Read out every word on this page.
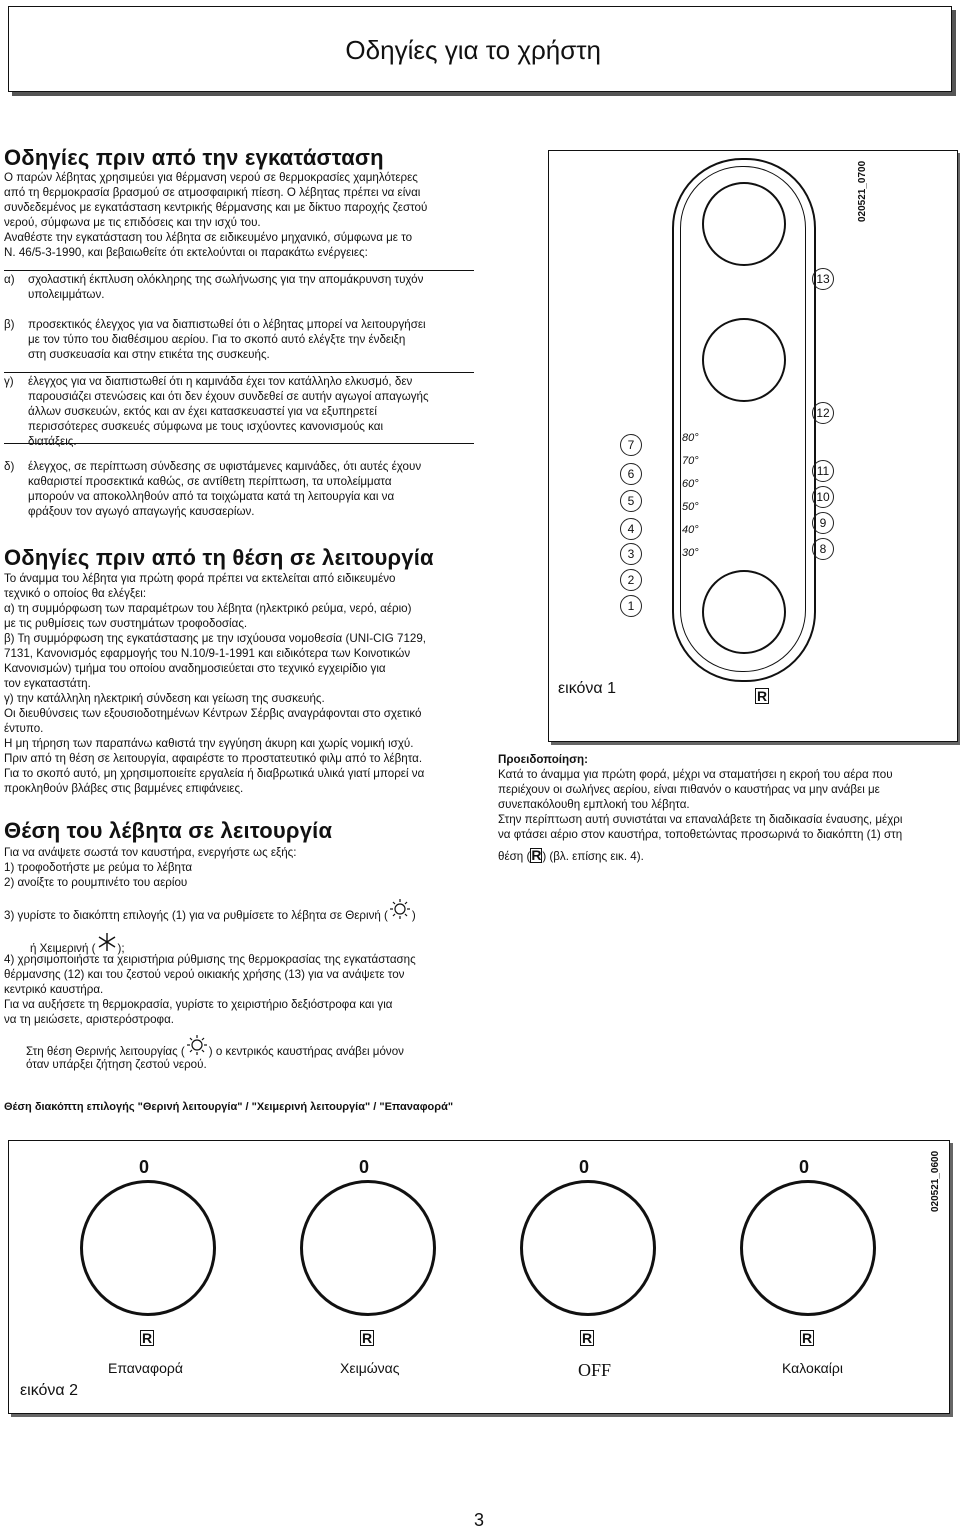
Οδηγίες για το χρήστη
Οδηγίες πριν από την εγκατάσταση
Ο παρών λέβητας χρησιμεύει για θέρμανση νερού σε θερμοκρασίες χαμηλότερες
από τη θερμοκρασία βρασμού σε ατμοσφαιρική πίεση. Ο λέβητας πρέπει να είναι
συνδεδεμένος με εγκατάσταση κεντρικής θέρμανσης και με δίκτυο παροχής ζεστού
νερού, σύμφωνα με τις επιδόσεις και την ισχύ του.
Αναθέστε την εγκατάσταση του λέβητα σε ειδικευμένο μηχανικό, σύμφωνα με το
Ν. 46/5-3-1990, και βεβαιωθείτε ότι εκτελούνται οι παρακάτω ενέργειες:
α)	σχολαστική έκπλυση ολόκληρης της σωλήνωσης για την απομάκρυνση τυχόν
υπολειμμάτων.
β)	προσεκτικός έλεγχος για να διαπιστωθεί ότι ο λέβητας μπορεί να λειτουργήσει
με τον τύπο του διαθέσιμου αερίου. Για το σκοπό αυτό ελέγξτε την ένδειξη
στη συσκευασία και στην ετικέτα της συσκευής.
γ)	έλεγχος για να διαπιστωθεί ότι η καμινάδα έχει τον κατάλληλο ελκυσμό, δεν
παρουσιάζει στενώσεις και ότι δεν έχουν συνδεθεί σε αυτήν αγωγοί απαγωγής
άλλων συσκευών, εκτός και αν έχει κατασκευαστεί για να εξυπηρετεί
περισσότερες συσκευές σύμφωνα με τους ισχύοντες κανονισμούς και
διατάξεις.
δ)	έλεγχος, σε περίπτωση σύνδεσης σε υφιστάμενες καμινάδες, ότι αυτές έχουν
καθαριστεί προσεκτικά καθώς, σε αντίθετη περίπτωση, τα υπολείμματα
μπορούν να αποκολληθούν από τα τοιχώματα κατά τη λειτουργία και να
φράξουν τον αγωγό απαγωγής καυσαερίων.
Οδηγίες πριν από τη θέση σε λειτουργία
Το άναμμα του λέβητα για πρώτη φορά πρέπει να εκτελείται από ειδικευμένο
τεχνικό ο οποίος θα ελέγξει:
α) τη συμμόρφωση των παραμέτρων του λέβητα (ηλεκτρικό ρεύμα, νερό, αέριο)
με τις ρυθμίσεις των συστημάτων τροφοδοσίας.
β) Τη συμμόρφωση της εγκατάστασης με την ισχύουσα νομοθεσία (UNI-CIG 7129,
7131, Κανονισμός εφαρμογής του N.10/9-1-1991 και ειδικότερα των Κοινοτικών
Κανονισμών) τμήμα του οποίου αναδημοσιεύεται στο τεχνικό εγχειρίδιο για
τον εγκαταστάτη.
γ) την κατάλληλη ηλεκτρική σύνδεση και γείωση της συσκευής.
Οι διευθύνσεις των εξουσιοδοτημένων Κέντρων Σέρβις αναγράφονται στο σχετικό
έντυπο.
Η μη τήρηση των παραπάνω καθιστά την εγγύηση άκυρη και χωρίς νομική ισχύ.
Πριν από τη θέση σε λειτουργία, αφαιρέστε το προστατευτικό φιλμ από το λέβητα.
Για το σκοπό αυτό, μη χρησιμοποιείτε εργαλεία ή διαβρωτικά υλικά γιατί μπορεί να
προκληθούν βλάβες στις βαμμένες επιφάνειες.
Θέση του λέβητα σε λειτουργία
Για να ανάψετε σωστά τον καυστήρα, ενεργήστε ως εξής:
1) τροφοδοτήστε με ρεύμα το λέβητα
2) ανοίξτε το ρουμπινέτο του αερίου
3) γυρίστε το διακόπτη επιλογής (1) για να ρυθμίσετε το λέβητα σε Θερινή ( )
ή Χειμερινή ( );
4) χρησιμοποιήστε τα χειριστήρια ρύθμισης της θερμοκρασίας της εγκατάστασης
θέρμανσης (12) και του ζεστού νερού οικιακής χρήσης (13) για να ανάψετε τον
κεντρικό καυστήρα.
Για να αυξήσετε τη θερμοκρασία, γυρίστε το χειριστήριο δεξιόστροφα και για
να τη μειώσετε, αριστερόστροφα.
Στη θέση Θερινής λειτουργίας ( ) ο κεντρικός καυστήρας ανάβει μόνον
όταν υπάρξει ζήτηση ζεστού νερού.
Προειδοποίηση:
Κατά το άναμμα για πρώτη φορά, μέχρι να σταματήσει η εκροή του αέρα που
περιέχουν οι σωλήνες αερίου, είναι πιθανόν ο καυστήρας να μην ανάβει με
συνεπακόλουθη εμπλοκή του λέβητα.
Στην περίπτωση αυτή συνιστάται να επαναλάβετε τη διαδικασία έναυσης, μέχρι
να φτάσει αέριο στον καυστήρα, τοποθετώντας προσωρινά το διακόπτη (1) στη
θέση (R) (βλ. επίσης εικ. 4).
020521_0700
εικόνα 1	R
80°
70°
60°
50°
40°
30°
7
6
5
4
3
2
1
13
12
11
10
9
8
Θέση διακόπτη επιλογής "Θερινή λειτουργία" / "Χειμερινή λειτουργία" / "Επαναφορά"
020521_0600
0	0	0	0
R	R	R	R
Επαναφορά	Χειμώνας	OFF	Καλοκαίρι
εικόνα 2
3
